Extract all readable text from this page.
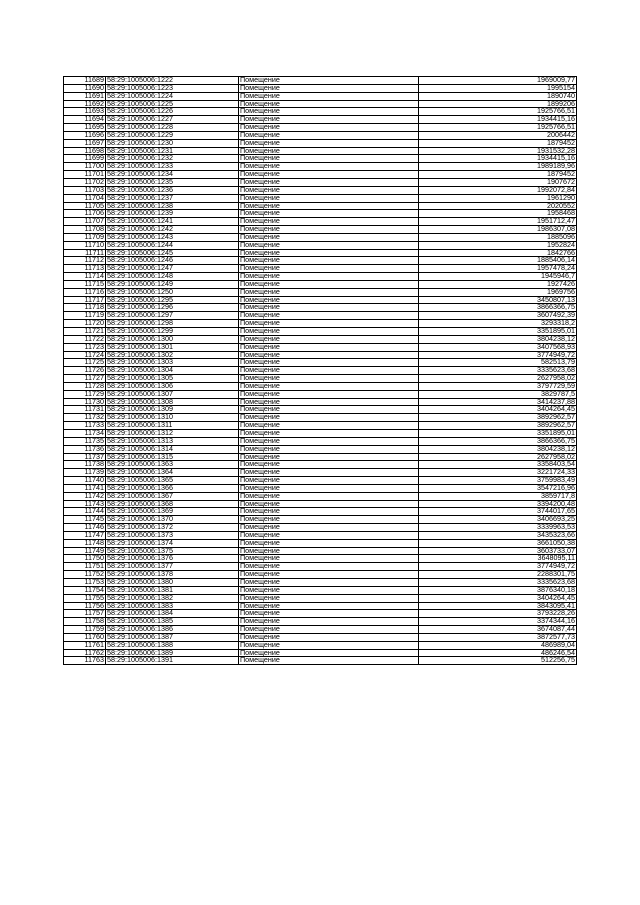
11689	58:29:1005006:1222	Помещение	1969009,77
11690	58:29:1005006:1223	Помещение	1995154
11691	58:29:1005006:1224	Помещение	1890740
11692	58:29:1005006:1225	Помещение	1899206
11693	58:29:1005006:1226	Помещение	1925766,51
11694	58:29:1005006:1227	Помещение	1934415,16
11695	58:29:1005006:1228	Помещение	1925766,51
11696	58:29:1005006:1229	Помещение	2006442
11697	58:29:1005006:1230	Помещение	1879452
11698	58:29:1005006:1231	Помещение	1931532,28
11699	58:29:1005006:1232	Помещение	1934415,16
11700	58:29:1005006:1233	Помещение	1989189,96
11701	58:29:1005006:1234	Помещение	1879452
11702	58:29:1005006:1235	Помещение	1907672
11703	58:29:1005006:1236	Помещение	1992072,84
11704	58:29:1005006:1237	Помещение	1961290
11705	58:29:1005006:1238	Помещение	2020552
11706	58:29:1005006:1239	Помещение	1958468
11707	58:29:1005006:1241	Помещение	1951712,47
11708	58:29:1005006:1242	Помещение	1986307,08
11709	58:29:1005006:1243	Помещение	1885096
11710	58:29:1005006:1244	Помещение	1952824
11711	58:29:1005006:1245	Помещение	1842766
11712	58:29:1005006:1246	Помещение	1885406,14
11713	58:29:1005006:1247	Помещение	1957478,24
11714	58:29:1005006:1248	Помещение	1945946,7
11715	58:29:1005006:1249	Помещение	1927426
11716	58:29:1005006:1250	Помещение	1969756
11717	58:29:1005006:1295	Помещение	3450807,13
11718	58:29:1005006:1296	Помещение	3866366,75
11719	58:29:1005006:1297	Помещение	3607492,39
11720	58:29:1005006:1298	Помещение	3293318,2
11721	58:29:1005006:1299	Помещение	3351895,01
11722	58:29:1005006:1300	Помещение	3804238,12
11723	58:29:1005006:1301	Помещение	3407568,93
11724	58:29:1005006:1302	Помещение	3774949,72
11725	58:29:1005006:1303	Помещение	582513,79
11726	58:29:1005006:1304	Помещение	3335623,68
11727	58:29:1005006:1305	Помещение	2627958,02
11728	58:29:1005006:1306	Помещение	3797729,59
11729	58:29:1005006:1307	Помещение	3829787,5
11730	58:29:1005006:1308	Помещение	3414237,88
11731	58:29:1005006:1309	Помещение	3404264,45
11732	58:29:1005006:1310	Помещение	3892962,57
11733	58:29:1005006:1311	Помещение	3892962,57
11734	58:29:1005006:1312	Помещение	3351895,01
11735	58:29:1005006:1313	Помещение	3866366,75
11736	58:29:1005006:1314	Помещение	3804238,12
11737	58:29:1005006:1315	Помещение	2627958,02
11738	58:29:1005006:1363	Помещение	3358403,54
11739	58:29:1005006:1364	Помещение	3221724,33
11740	58:29:1005006:1365	Помещение	3759983,49
11741	58:29:1005006:1366	Помещение	3547216,96
11742	58:29:1005006:1367	Помещение	3859717,8
11743	58:29:1005006:1368	Помещение	3394200,48
11744	58:29:1005006:1369	Помещение	3744017,65
11745	58:29:1005006:1370	Помещение	3406693,25
11746	58:29:1005006:1372	Помещение	3339963,53
11747	58:29:1005006:1373	Помещение	3435323,66
11748	58:29:1005006:1374	Помещение	3661050,38
11749	58:29:1005006:1375	Помещение	3603733,07
11750	58:29:1005006:1376	Помещение	3648095,11
11751	58:29:1005006:1377	Помещение	3774949,72
11752	58:29:1005006:1378	Помещение	2288301,75
11753	58:29:1005006:1380	Помещение	3335623,68
11754	58:29:1005006:1381	Помещение	3876340,18
11755	58:29:1005006:1382	Помещение	3404264,45
11756	58:29:1005006:1383	Помещение	3843095,41
11757	58:29:1005006:1384	Помещение	3793228,26
11758	58:29:1005006:1385	Помещение	3374344,16
11759	58:29:1005006:1386	Помещение	3674087,44
11760	58:29:1005006:1387	Помещение	3872577,73
11761	58:29:1005006:1388	Помещение	486989,04
11762	58:29:1005006:1389	Помещение	486246,54
11763	58:29:1005006:1391	Помещение	512256,75
